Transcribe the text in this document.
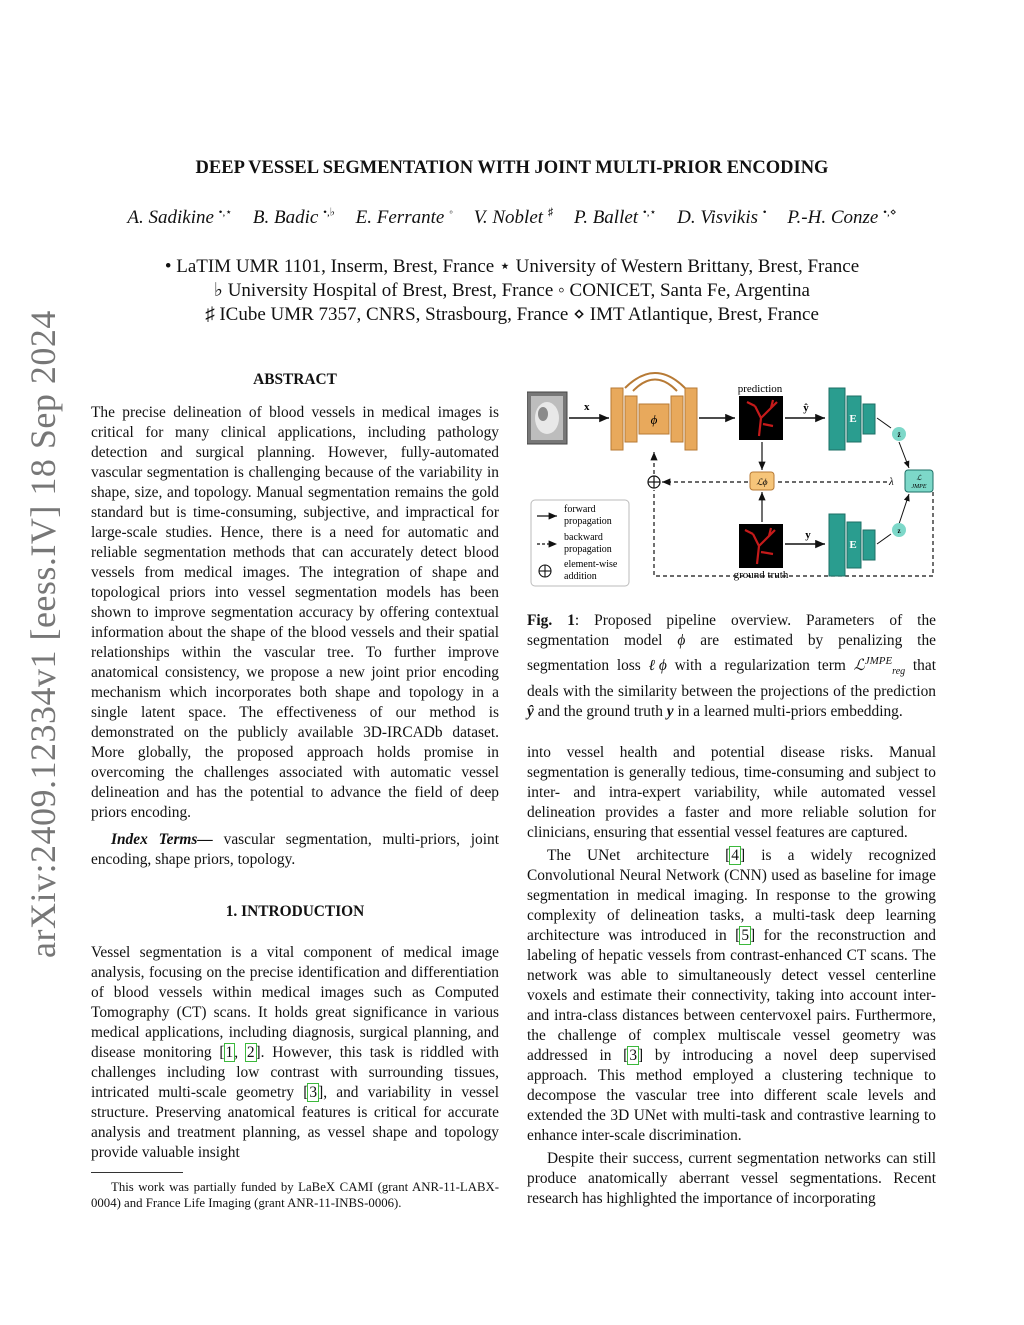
arXiv:2409.12334v1 [eess.IV] 18 Sep 2024
DEEP VESSEL SEGMENTATION WITH JOINT MULTI-PRIOR ENCODING
A. Sadikine •,⋆ B. Badic •,♭ E. Ferrante ◦ V. Noblet ♯ P. Ballet •,⋆ D. Visvikis • P.-H. Conze •,⋄
• LaTIM UMR 1101, Inserm, Brest, France ⋆ University of Western Brittany, Brest, France
♭ University Hospital of Brest, Brest, France ◦ CONICET, Santa Fe, Argentina
♯ ICube UMR 7357, CNRS, Strasbourg, France ⋄ IMT Atlantique, Brest, France
ABSTRACT

The precise delineation of blood vessels in medical images is critical for many clinical applications, including pathology detection and surgical planning. However, fully-automated vascular segmentation is challenging because of the variability in shape, size, and topology. Manual segmentation remains the gold standard but is time-consuming, subjective, and impractical for large-scale studies. Hence, there is a need for automatic and reliable segmentation methods that can accurately detect blood vessels from medical images. The integration of shape and topological priors into vessel segmentation models has been shown to improve segmentation accuracy by offering contextual information about the shape of the blood vessels and their spatial relationships within the vascular tree. To further improve anatomical consistency, we propose a new joint prior encoding mechanism which incorporates both shape and topology in a single latent space. The effectiveness of our method is demonstrated on the publicly available 3D-IRCADb dataset. More globally, the proposed approach holds promise in overcoming the challenges associated with automatic vessel delineation and has the potential to advance the field of deep priors encoding.

Index Terms— vascular segmentation, multi-priors, joint encoding, shape priors, topology.

1. INTRODUCTION

Vessel segmentation is a vital component of medical image analysis, focusing on the precise identification and differentiation of blood vessels within medical images such as Computed Tomography (CT) scans. It holds great significance in various medical applications, including diagnosis, surgical planning, and disease monitoring [1, 2]. However, this task is riddled with challenges including low contrast with surrounding tissues, intricated multi-scale geometry [3], and variability in vessel structure. Preserving anatomical features is critical for accurate analysis and treatment planning, as vessel shape and topology provide valuable insight

This work was partially funded by LaBeX CAMI (grant ANR-11-LABX-0004) and France Life Imaging (grant ANR-11-INBS-0006).

x
ϕ
prediction
ŷ
E
ẑ
ℒ
JMPE
λ
ℒϕ
ground truth
y
E
z
forward
propagation
backward
propagation
element-wise
addition
Fig. 1: Proposed pipeline overview. Parameters of the segmentation model ϕ are estimated by penalizing the segmentation loss ℓϕ with a regularization term ℒ$^{JMPE}_{reg}$ that deals with the similarity between the projections of the prediction ŷ and the ground truth y in a learned multi-priors embedding.

into vessel health and potential disease risks. Manual segmentation is generally tedious, time-consuming and subject to inter- and intra-expert variability, while automated vessel delineation provides a faster and more reliable solution for clinicians, ensuring that essential vessel features are captured.

The UNet architecture [4] is a widely recognized Convolutional Neural Network (CNN) used as baseline for image segmentation in medical imaging. In response to the growing complexity of delineation tasks, a multi-task deep learning architecture was introduced in [5] for the reconstruction and labeling of hepatic vessels from contrast-enhanced CT scans. The network was able to simultaneously detect vessel centerline voxels and estimate their connectivity, taking into account inter- and intra-class distances between centervoxel pairs. Furthermore, the challenge of complex multiscale vessel geometry was addressed in [3] by introducing a novel deep supervised approach. This method employed a clustering technique to decompose the vascular tree into different scale levels and extended the 3D UNet with multi-task and contrastive learning to enhance inter-scale discrimination.

Despite their success, current segmentation networks can still produce anatomically aberrant vessel segmentations. Recent research has highlighted the importance of incorporating
